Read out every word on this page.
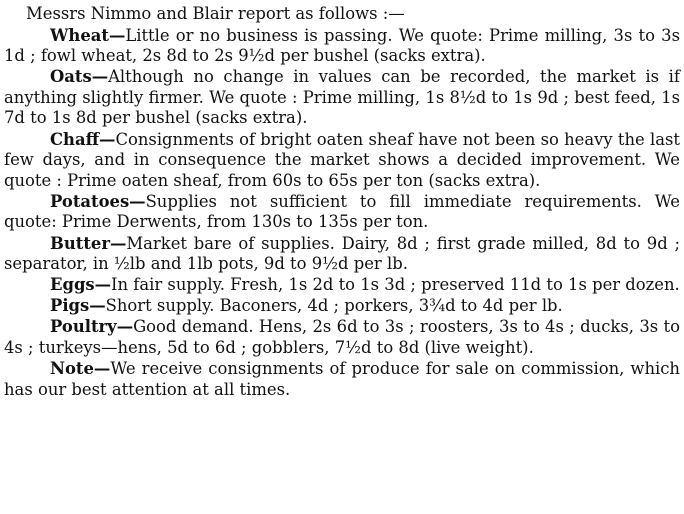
Messrs Nimmo and Blair report as follows :—

Wheat—Little or no business is passing. We quote: Prime milling, 3s to 3s 1d ; fowl wheat, 2s 8d to 2s 9½d per bushel (sacks extra).

Oats—Although no change in values can be recorded, the market is if anything slightly firmer. We quote : Prime milling, 1s 8½d to 1s 9d ; best feed, 1s 7d to 1s 8d per bushel (sacks extra).

Chaff—Consignments of bright oaten sheaf have not been so heavy the last few days, and in consequence the market shows a decided improvement. We quote : Prime oaten sheaf, from 60s to 65s per ton (sacks extra).

Potatoes—Supplies not sufficient to fill immediate requirements. We quote: Prime Derwents, from 130s to 135s per ton.

Butter—Market bare of supplies. Dairy, 8d ; first grade milled, 8d to 9d ; separator, in ½lb and 1lb pots, 9d to 9½d per lb.

Eggs—In fair supply. Fresh, 1s 2d to 1s 3d ; preserved 11d to 1s per dozen.

Pigs—Short supply. Baconers, 4d ; porkers, 3¾d to 4d per lb.

Poultry—Good demand. Hens, 2s 6d to 3s ; roosters, 3s to 4s ; ducks, 3s to 4s ; turkeys—hens, 5d to 6d ; gobblers, 7½d to 8d (live weight).

Note—We receive consignments of produce for sale on commission, which has our best attention at all times.
